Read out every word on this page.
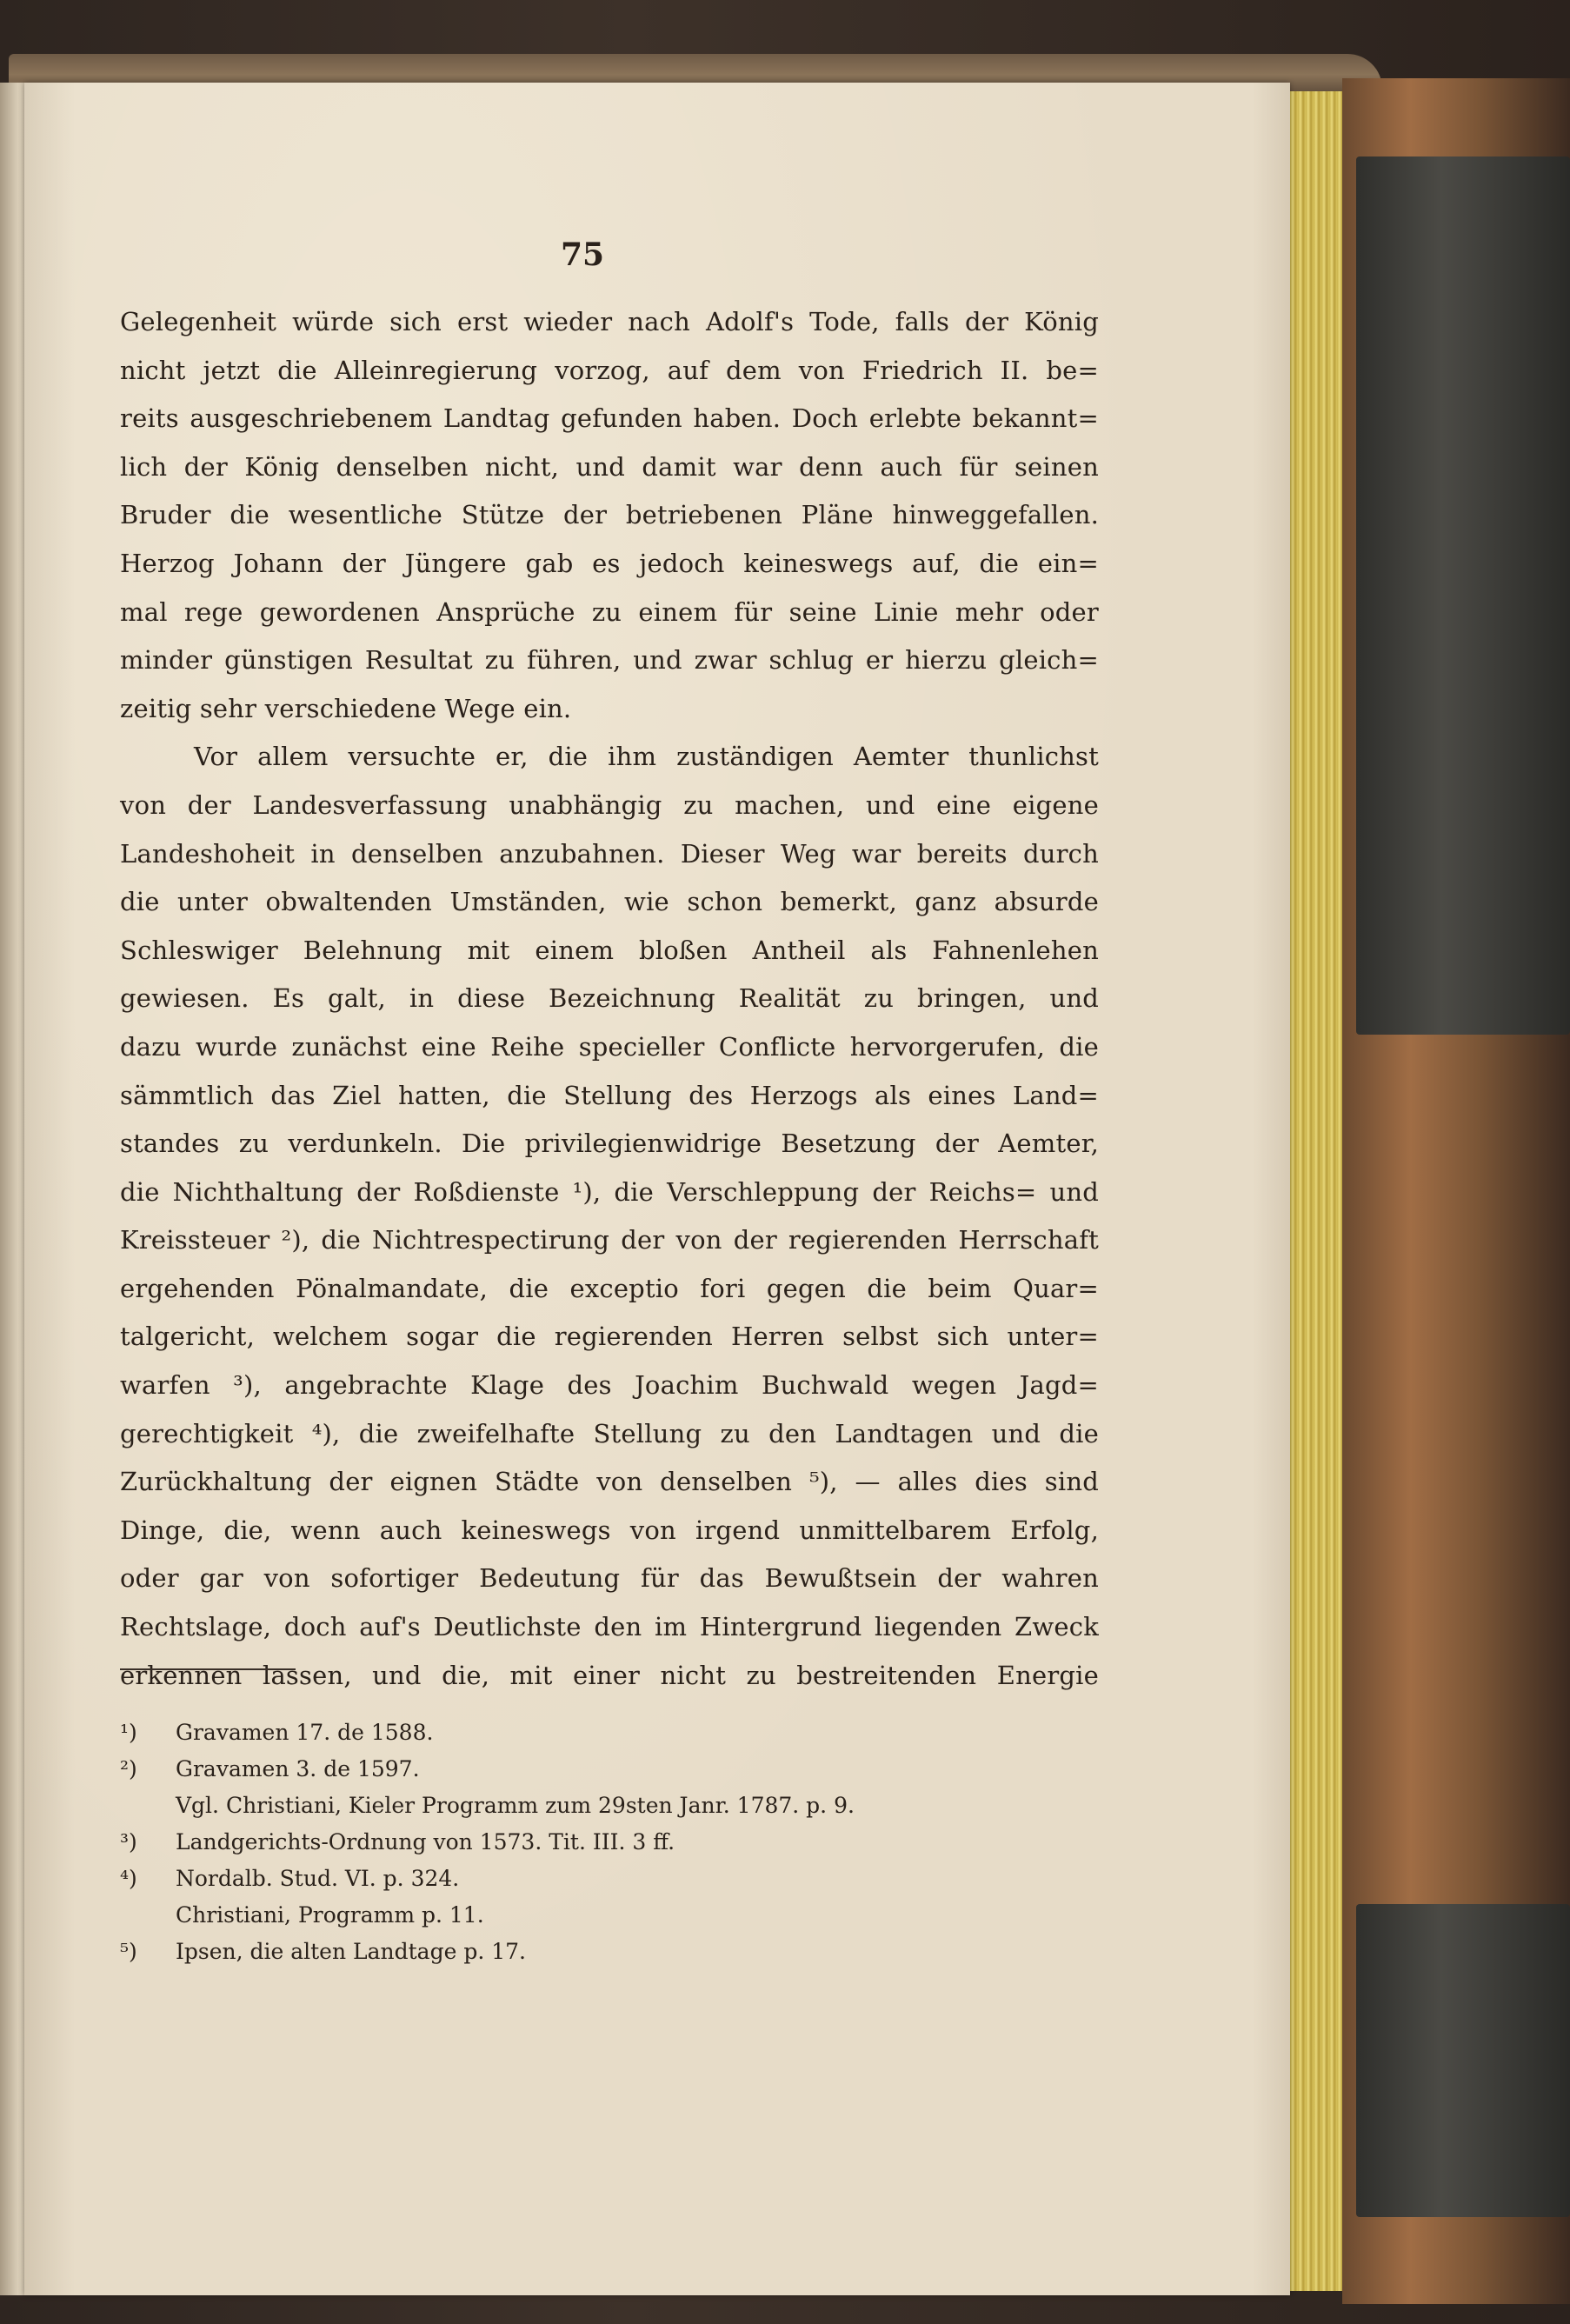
75

Gelegenheit würde sich erst wieder nach Adolf's Tode, falls der König
nicht jetzt die Alleinregierung vorzog, auf dem von Friedrich II. be=
reits ausgeschriebenem Landtag gefunden haben. Doch erlebte bekannt=
lich der König denselben nicht, und damit war denn auch für seinen
Bruder die wesentliche Stütze der betriebenen Pläne hinweggefallen.
Herzog Johann der Jüngere gab es jedoch keineswegs auf, die ein=
mal rege gewordenen Ansprüche zu einem für seine Linie mehr oder
minder günstigen Resultat zu führen, und zwar schlug er hierzu gleich=
zeitig sehr verschiedene Wege ein.

Vor allem versuchte er, die ihm zuständigen Aemter thunlichst
von der Landesverfassung unabhängig zu machen, und eine eigene
Landeshoheit in denselben anzubahnen. Dieser Weg war bereits durch
die unter obwaltenden Umständen, wie schon bemerkt, ganz absurde
Schleswiger Belehnung mit einem bloßen Antheil als Fahnenlehen
gewiesen. Es galt, in diese Bezeichnung Realität zu bringen, und
dazu wurde zunächst eine Reihe specieller Conflicte hervorgerufen, die
sämmtlich das Ziel hatten, die Stellung des Herzogs als eines Land=
standes zu verdunkeln. Die privilegienwidrige Besetzung der Aemter,
die Nichthaltung der Roßdienste ¹), die Verschleppung der Reichs= und
Kreissteuer ²), die Nichtrespectirung der von der regierenden Herrschaft
ergehenden Pönalmandate, die exceptio fori gegen die beim Quar=
talgericht, welchem sogar die regierenden Herren selbst sich unter=
warfen ³), angebrachte Klage des Joachim Buchwald wegen Jagd=
gerechtigkeit ⁴), die zweifelhafte Stellung zu den Landtagen und die
Zurückhaltung der eignen Städte von denselben ⁵), — alles dies sind
Dinge, die, wenn auch keineswegs von irgend unmittelbarem Erfolg,
oder gar von sofortiger Bedeutung für das Bewußtsein der wahren
Rechtslage, doch auf's Deutlichste den im Hintergrund liegenden Zweck
erkennen lassen, und die, mit einer nicht zu bestreitenden Energie

¹) Gravamen 17. de 1588.
²) Gravamen 3. de 1597.
Vgl. Christiani, Kieler Programm zum 29sten Janr. 1787. p. 9.
³) Landgerichts-Ordnung von 1573. Tit. III. 3 ff.
⁴) Nordalb. Stud. VI. p. 324.
Christiani, Programm p. 11.
⁵) Ipsen, die alten Landtage p. 17.
